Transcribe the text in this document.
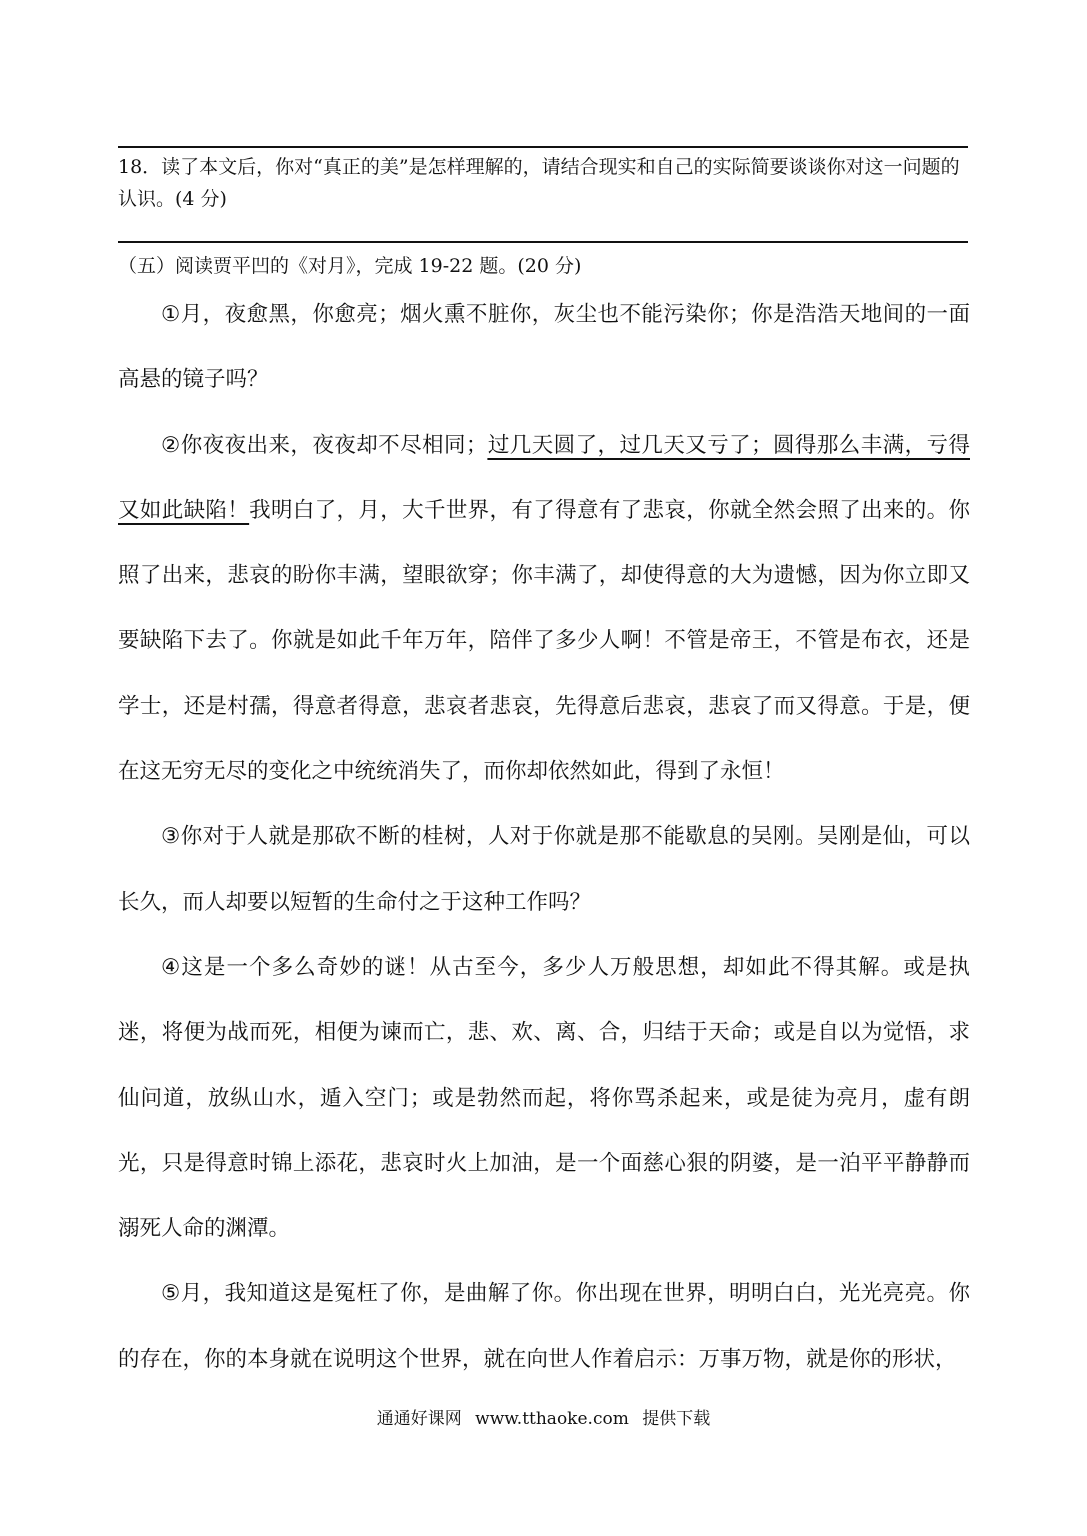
18．读了本文后，你对“真正的美”是怎样理解的，请结合现实和自己的实际简要谈谈你对这一问题的认识。(4 分)
（五）阅读贾平凹的《对月》，完成 19-22 题。(20 分)

①月，夜愈黑，你愈亮；烟火熏不脏你，灰尘也不能污染你；你是浩浩天地间的一面高悬的镜子吗？

②你夜夜出来，夜夜却不尽相同；过几天圆了，过几天又亏了；圆得那么丰满，亏得又如此缺陷！我明白了，月，大千世界，有了得意有了悲哀，你就全然会照了出来的。你照了出来，悲哀的盼你丰满，望眼欲穿；你丰满了，却使得意的大为遗憾，因为你立即又要缺陷下去了。你就是如此千年万年，陪伴了多少人啊！不管是帝王，不管是布衣，还是学士，还是村孺，得意者得意，悲哀者悲哀，先得意后悲哀，悲哀了而又得意。于是，便在这无穷无尽的变化之中统统消失了，而你却依然如此，得到了永恒！

③你对于人就是那砍不断的桂树，人对于你就是那不能歇息的吴刚。吴刚是仙，可以长久，而人却要以短暂的生命付之于这种工作吗？

④这是一个多么奇妙的谜！从古至今，多少人万般思想，却如此不得其解。或是执迷，将便为战而死，相便为谏而亡，悲、欢、离、合，归结于天命；或是自以为觉悟，求仙问道，放纵山水，遁入空门；或是勃然而起，将你骂杀起来，或是徒为亮月，虚有朗光，只是得意时锦上添花，悲哀时火上加油，是一个面慈心狠的阴婆，是一泊平平静静而溺死人命的渊潭。

⑤月，我知道这是冤枉了你，是曲解了你。你出现在世界，明明白白，光光亮亮。你的存在，你的本身就在说明这个世界，就在向世人作着启示：万事万物，就是你的形状，

通通好课网 www.tthaoke.com 提供下载
